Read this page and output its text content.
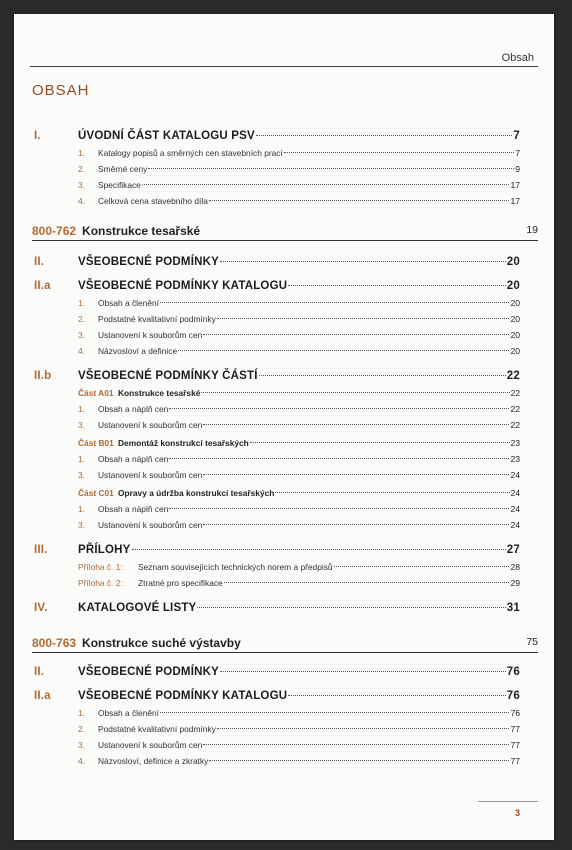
Obsah
OBSAH
I.	ÚVODNÍ ČÁST KATALOGU PSV	7
1. Katalogy popisů a směrných cen stavebních prací	7
2. Směrné ceny	9
3. Specifikace	17
4. Celková cena stavebního díla	17
800-762 Konstrukce tesařské	19
II.	VŠEOBECNÉ PODMÍNKY	20
II.a VŠEOBECNÉ PODMÍNKY KATALOGU	20
1. Obsah a členění	20
2. Podstatné kvalitativní podmínky	20
3. Ustanovení k souborům cen	20
4. Názvosloví a definice	20
II.b VŠEOBECNÉ PODMÍNKY ČÁSTÍ	22
Část A01 Konstrukce tesařské	22
1. Obsah a náplň cen	22
3. Ustanovení k souborům cen	22
Část B01 Demontáž konstrukcí tesařských	23
1. Obsah a náplň cen	23
3. Ustanovení k souborům cen	24
Část C01 Opravy a údržba konstrukcí tesařských	24
1. Obsah a náplň cen	24
3. Ustanovení k souborům cen	24
III.	PŘÍLOHY	27
Příloha č. 1: Seznam souvisejících technických norem a předpisů	28
Příloha č. 2: Ztratné pro specifikace	29
IV.	KATALOGOVÉ LISTY	31
800-763 Konstrukce suché výstavby	75
II.	VŠEOBECNÉ PODMÍNKY	76
II.a VŠEOBECNÉ PODMÍNKY KATALOGU	76
1. Obsah a členění	76
2. Podstatné kvalitativní podmínky	77
3. Ustanovení k souborům cen	77
4. Názvosloví, definice a zkratky	77
3
